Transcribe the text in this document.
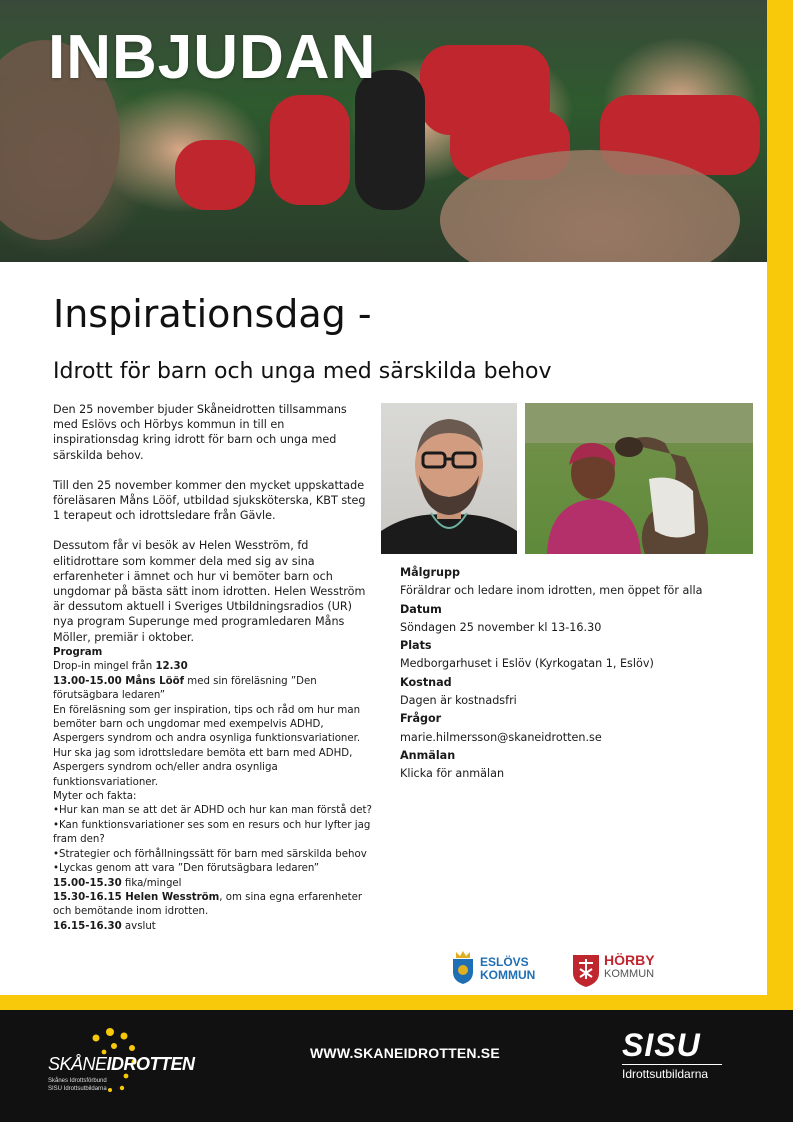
INBJUDAN
Inspirationsdag -
Idrott för barn och unga med särskilda behov

Den 25 november bjuder Skåneidrotten tillsammans med Eslövs och Hörbys kommun in till en inspirationsdag kring idrott för barn och unga med särskilda behov.

Till den 25 november kommer den mycket uppskattade föreläsaren Måns Lööf, utbildad sjuksköterska, KBT steg 1 terapeut och idrottsledare från Gävle.

Dessutom får vi besök av Helen Wesström, fd elitidrottare som kommer dela med sig av sina erfarenheter i ämnet och hur vi bemöter barn och ungdomar på bästa sätt inom idrotten. Helen Wesström är dessutom aktuell i Sveriges Utbildningsradios (UR) nya program Superunge med programledaren Måns Möller, premiär i oktober.

Program
Drop-in mingel från 12.30
13.00-15.00 Måns Lööf med sin föreläsning ”Den förutsägbara ledaren”
En föreläsning som ger inspiration, tips och råd om hur man bemöter barn och ungdomar med exempelvis ADHD, Aspergers syndrom och andra osynliga funktionsvariationer.
Hur ska jag som idrottsledare bemöta ett barn med ADHD, Aspergers syndrom och/eller andra osynliga funktionsvariationer.
Myter och fakta:
•Hur kan man se att det är ADHD och hur kan man förstå det?
•Kan funktionsvariationer ses som en resurs och hur lyfter jag fram den?
•Strategier och förhållningssätt för barn med särskilda behov
•Lyckas genom att vara ”Den förutsägbara ledaren”
15.00-15.30 fika/mingel
15.30-16.15 Helen Wesström, om sina egna erfarenheter och bemötande inom idrotten.
16.15-16.30 avslut
Målgrupp
Föräldrar och ledare inom idrotten, men öppet för alla
Datum
Söndagen 25 november kl 13-16.30
Plats
Medborgarhuset i Eslöv (Kyrkogatan 1, Eslöv)
Kostnad
Dagen är kostnadsfri
Frågor
marie.hilmersson@skaneidrotten.se
Anmälan
Klicka för anmälan
ESLÖVS
KOMMUN
HÖRBY
KOMMUN
SKÅNEIDROTTEN
Skånes Idrottsförbund
SISU Idrottsutbildarna
WWW.SKANEIDROTTEN.SE	SISU
Idrottsutbildarna
